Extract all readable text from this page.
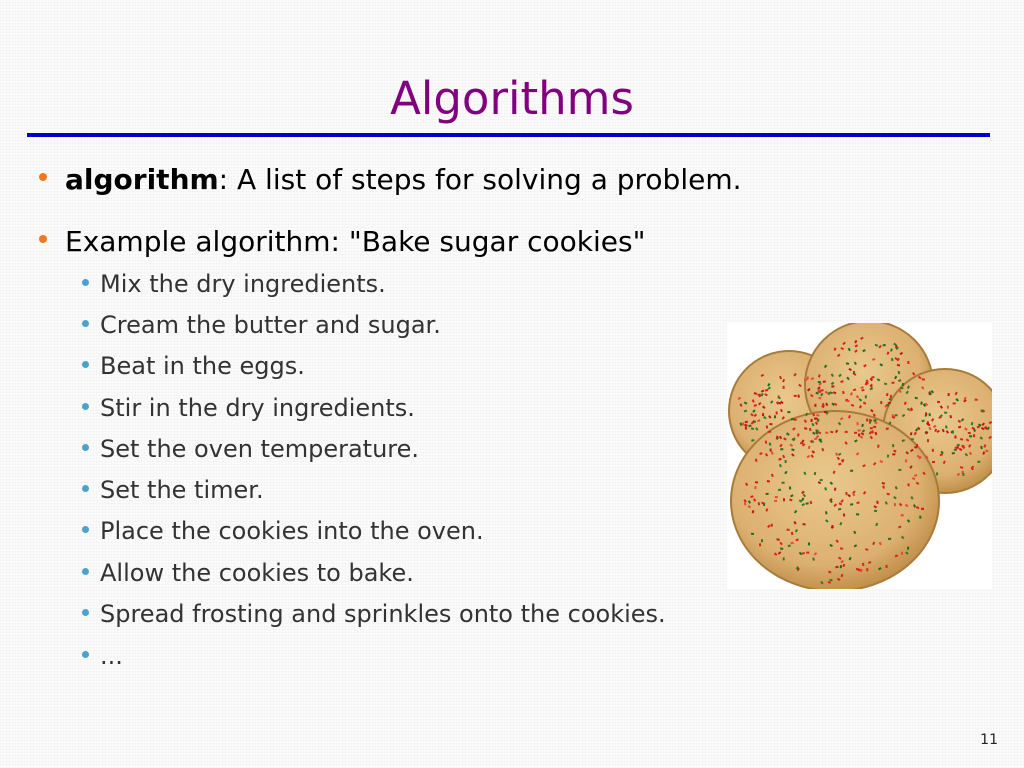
Algorithms
algorithm: A list of steps for solving a problem.
Example algorithm: "Bake sugar cookies"
Mix the dry ingredients.
Cream the butter and sugar.
Beat in the eggs.
Stir in the dry ingredients.
Set the oven temperature.
Set the timer.
Place the cookies into the oven.
Allow the cookies to bake.
Spread frosting and sprinkles onto the cookies.
...
11
